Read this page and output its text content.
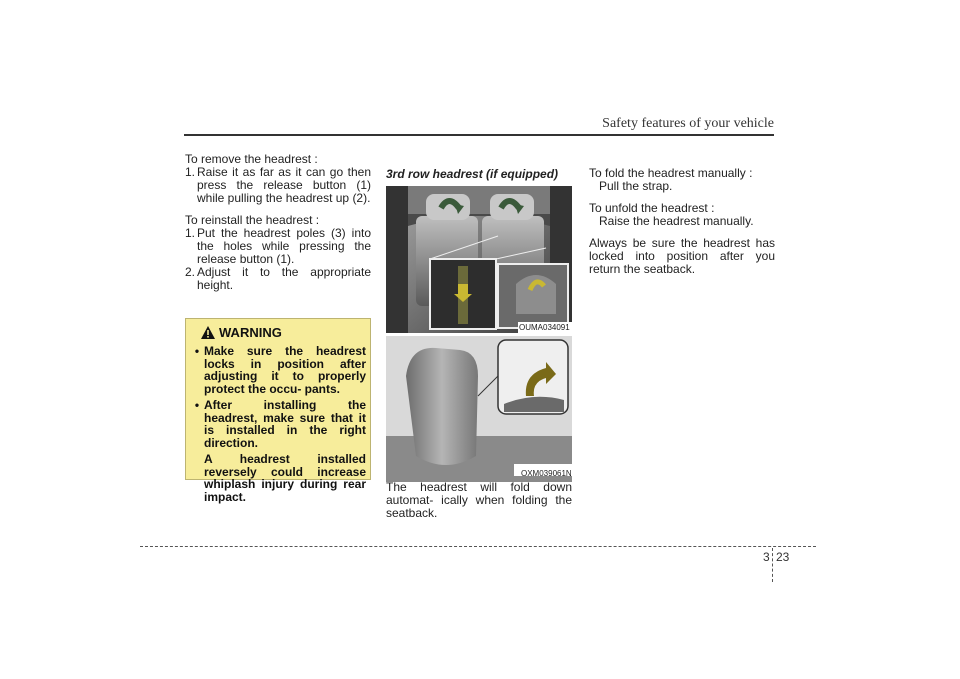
Safety features of your vehicle
To remove the headrest :
1. Raise it as far as it can go then press the release button (1) while pulling the headrest up (2).
To reinstall the headrest :
1. Put the headrest poles (3) into the holes while pressing the release button (1).
2. Adjust it to the appropriate height.
WARNING
• Make sure the headrest locks in position after adjusting it to properly protect the occu- pants.
• After installing the headrest, make sure that it is installed in the right direction.
A headrest installed reversely could increase whiplash injury during rear impact.
3rd row headrest (if equipped)
OUMA034091
OXM039061N
The headrest will fold down automat- ically when folding the seatback.
To fold the headrest manually :
Pull the strap.
To unfold the headrest :
Raise the headrest manually.
Always be sure the headrest has locked into position after you return the seatback.
3 23
